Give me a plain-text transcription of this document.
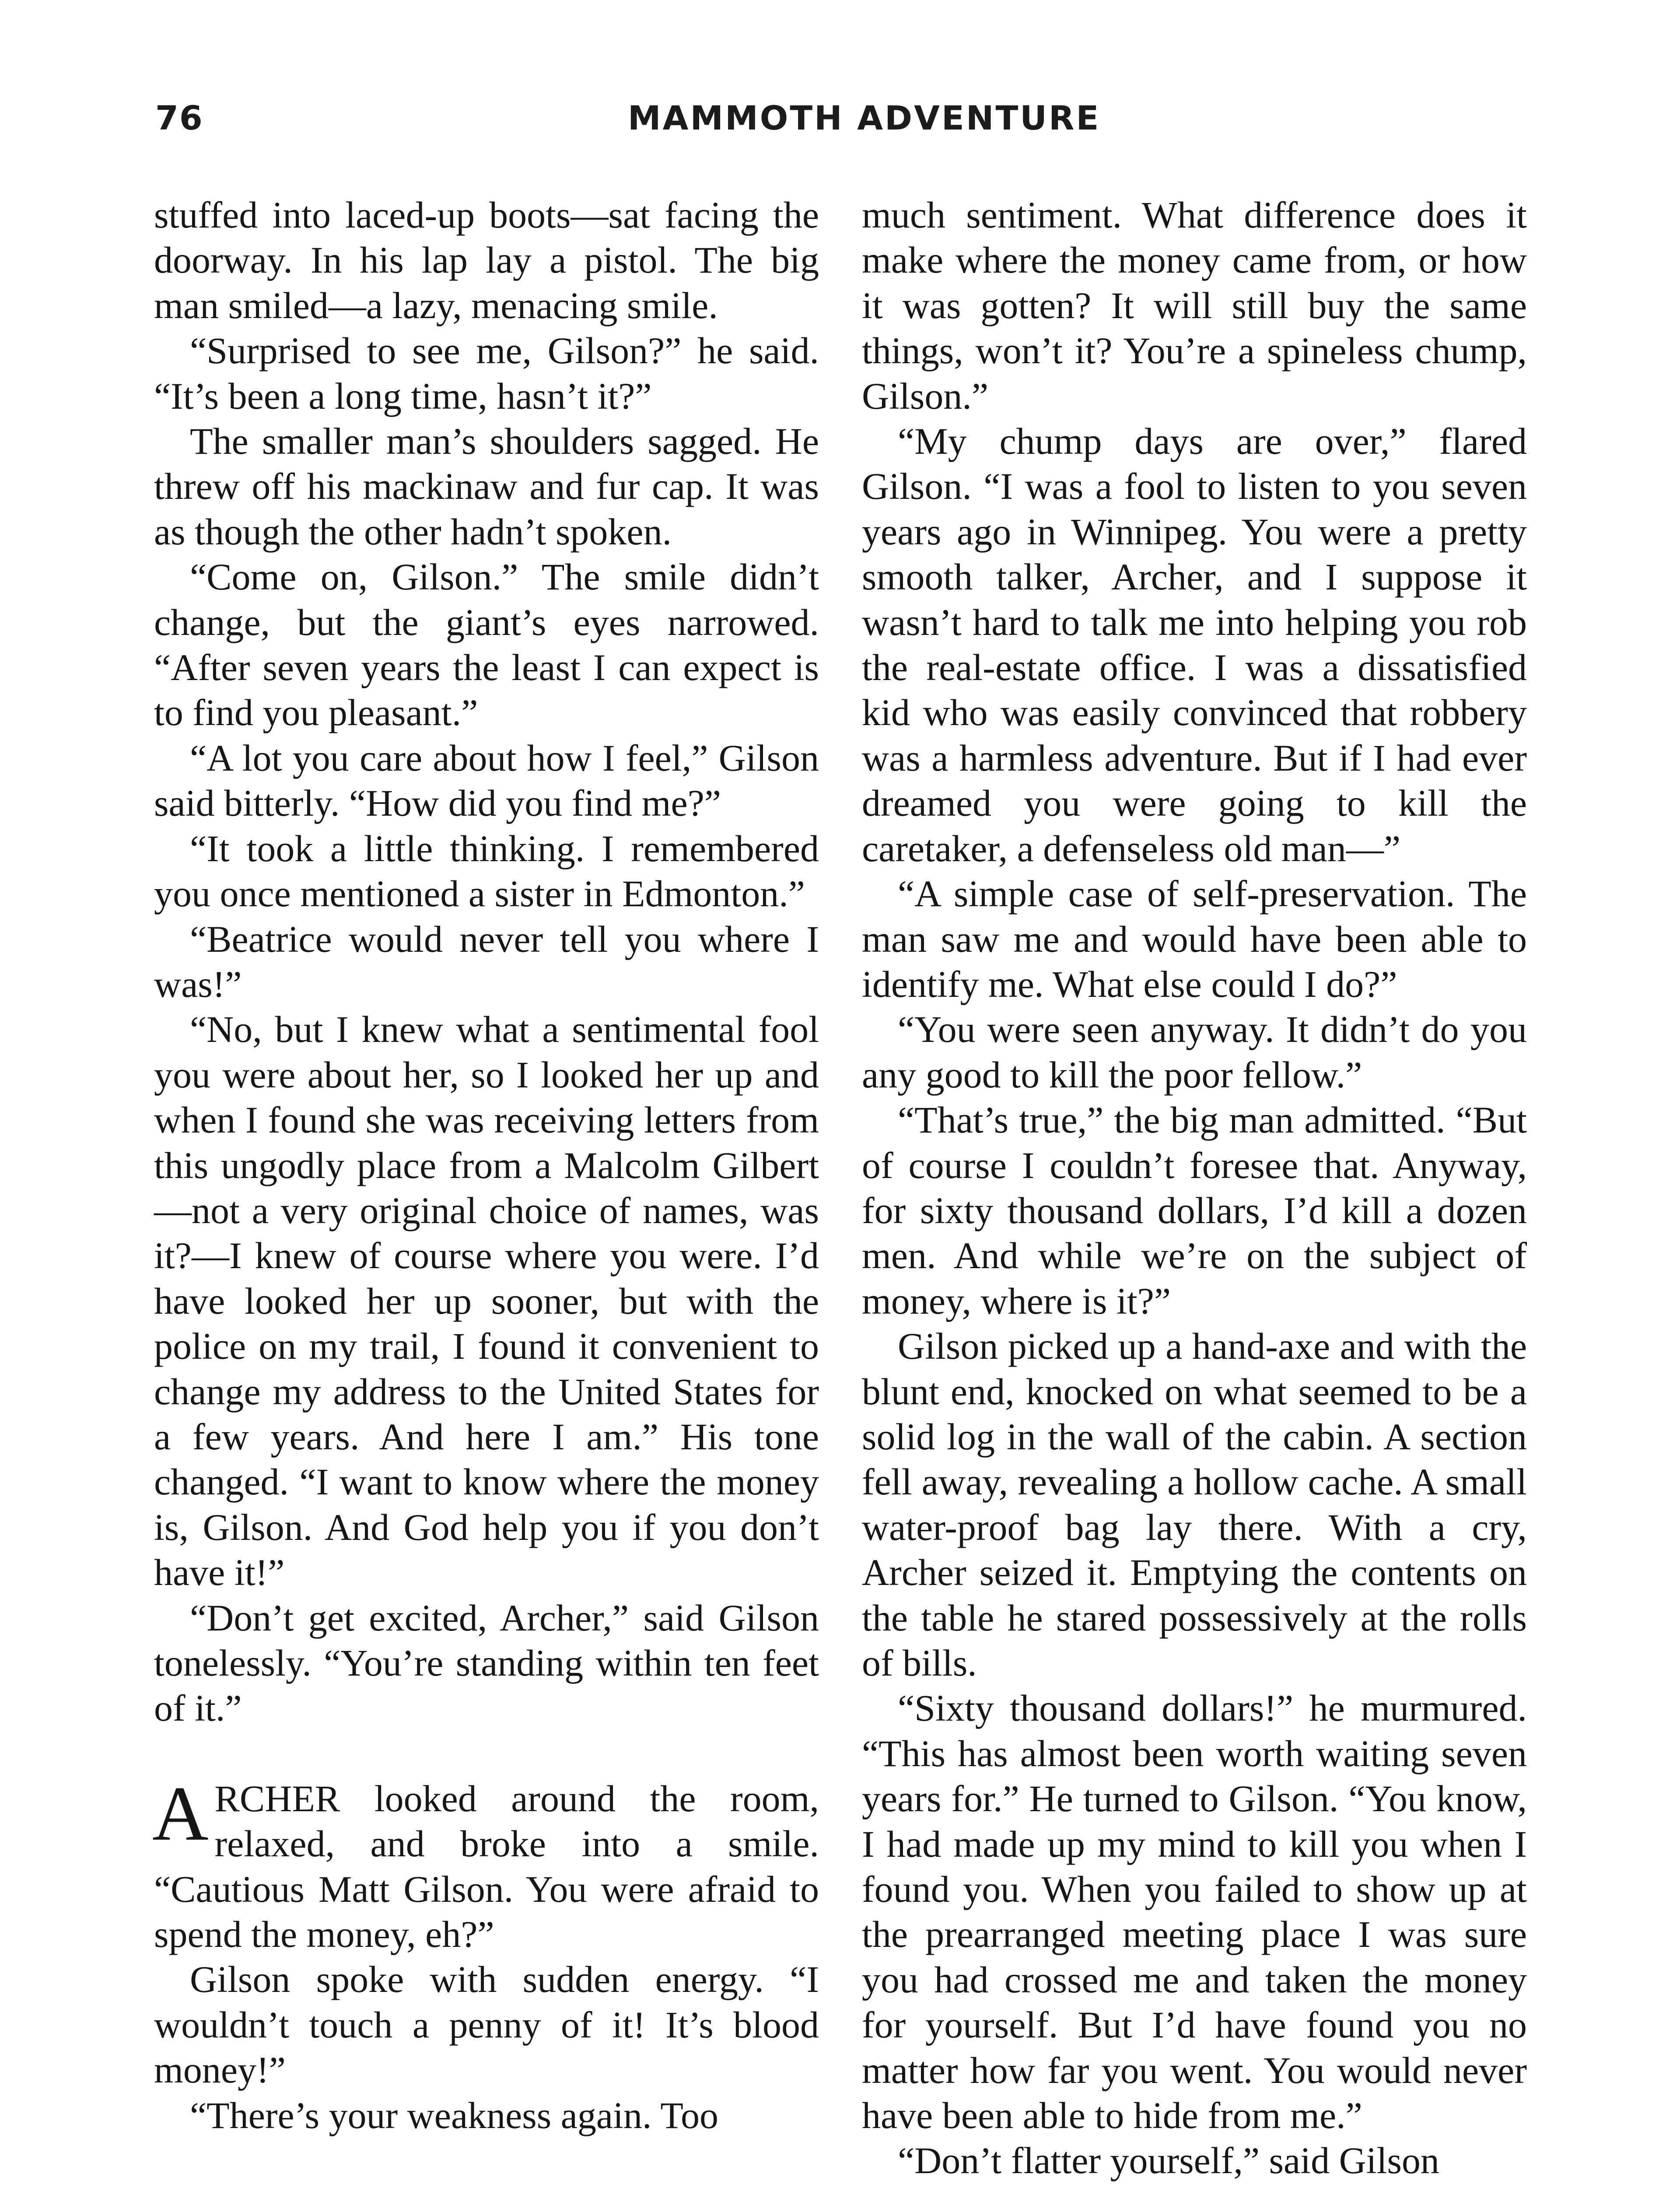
76	MAMMOTH ADVENTURE

stuffed into laced-up boots—sat facing the doorway. In his lap lay a pistol. The big man smiled—a lazy, menacing smile.

“Surprised to see me, Gilson?” he said. “It’s been a long time, hasn’t it?”

The smaller man’s shoulders sagged. He threw off his mackinaw and fur cap. It was as though the other hadn’t spoken.

“Come on, Gilson.” The smile didn’t change, but the giant’s eyes narrowed. “After seven years the least I can expect is to find you pleasant.”

“A lot you care about how I feel,” Gilson said bitterly. “How did you find me?”

“It took a little thinking. I remembered you once mentioned a sister in Edmonton.”

“Beatrice would never tell you where I was!”

“No, but I knew what a sentimental fool you were about her, so I looked her up and when I found she was receiving letters from this ungodly place from a Malcolm Gilbert—not a very original choice of names, was it?—I knew of course where you were. I’d have looked her up sooner, but with the police on my trail, I found it convenient to change my address to the United States for a few years. And here I am.” His tone changed. “I want to know where the money is, Gilson. And God help you if you don’t have it!”

“Don’t get excited, Archer,” said Gilson tonelessly. “You’re standing within ten feet of it.”

ARCHER looked around the room, relaxed, and broke into a smile. “Cautious Matt Gilson. You were afraid to spend the money, eh?”

Gilson spoke with sudden energy. “I wouldn’t touch a penny of it! It’s blood money!”

“There’s your weakness again. Too

much sentiment. What difference does it make where the money came from, or how it was gotten? It will still buy the same things, won’t it? You’re a spineless chump, Gilson.”

“My chump days are over,” flared Gilson. “I was a fool to listen to you seven years ago in Winnipeg. You were a pretty smooth talker, Archer, and I suppose it wasn’t hard to talk me into helping you rob the real-estate office. I was a dissatisfied kid who was easily convinced that robbery was a harmless adventure. But if I had ever dreamed you were going to kill the caretaker, a defenseless old man—”

“A simple case of self-preservation. The man saw me and would have been able to identify me. What else could I do?”

“You were seen anyway. It didn’t do you any good to kill the poor fellow.”

“That’s true,” the big man admitted. “But of course I couldn’t foresee that. Anyway, for sixty thousand dollars, I’d kill a dozen men. And while we’re on the subject of money, where is it?”

Gilson picked up a hand-axe and with the blunt end, knocked on what seemed to be a solid log in the wall of the cabin. A section fell away, revealing a hollow cache. A small water-proof bag lay there. With a cry, Archer seized it. Emptying the contents on the table he stared possessively at the rolls of bills.

“Sixty thousand dollars!” he murmured. “This has almost been worth waiting seven years for.” He turned to Gilson. “You know, I had made up my mind to kill you when I found you. When you failed to show up at the prearranged meeting place I was sure you had crossed me and taken the money for yourself. But I’d have found you no matter how far you went. You would never have been able to hide from me.”

“Don’t flatter yourself,” said Gilson
